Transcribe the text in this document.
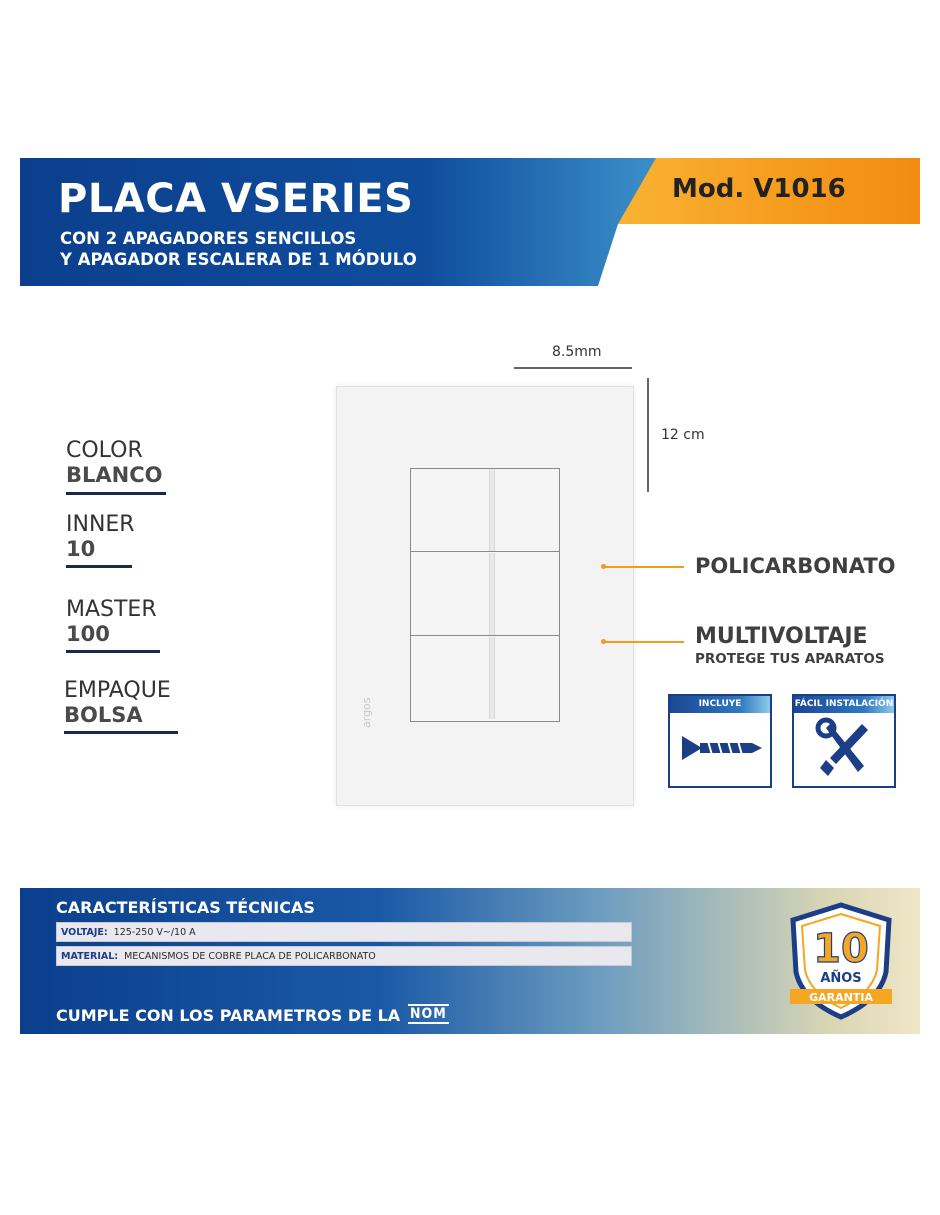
PLACA VSERIES
CON 2 APAGADORES SENCILLOS
Y APAGADOR ESCALERA DE 1 MÓDULO
Mod. V1016
COLOR
BLANCO
INNER
10
MASTER
100
EMPAQUE
BOLSA
8.5mm
12 cm
argos
POLICARBONATO
MULTIVOLTAJE
PROTEGE TUS APARATOS
INCLUYE	FÁCIL INSTALACIÓN
CARACTERÍSTICAS TÉCNICAS
VOLTAJE: 125-250 V~/10 A
MATERIAL: MECANISMOS DE COBRE PLACA DE POLICARBONATO
CUMPLE CON LOS PARAMETROS DE LA NOM
10
AÑOS
GARANTIA
